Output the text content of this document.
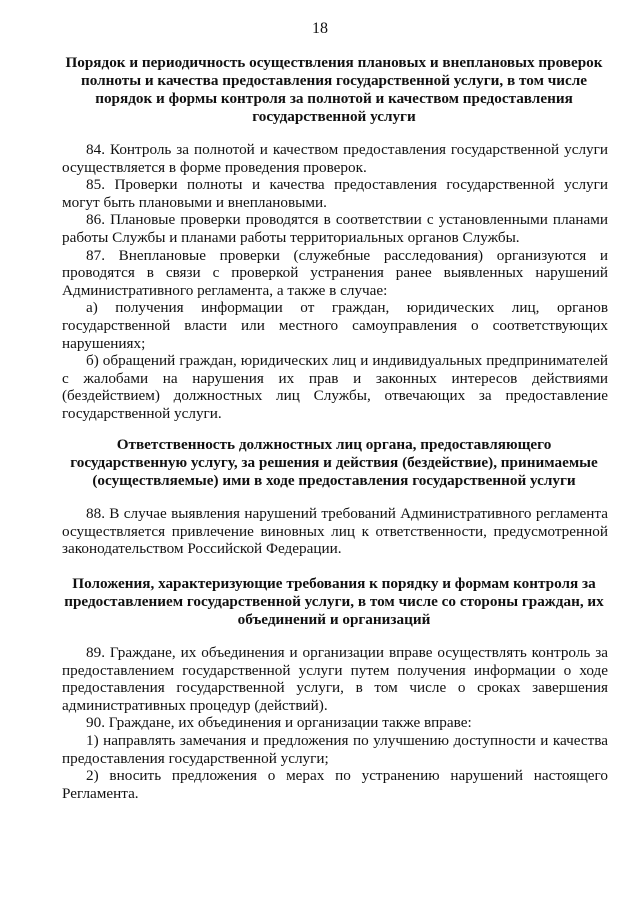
18
Порядок и периодичность осуществления плановых и внеплановых проверок полноты и качества предоставления государственной услуги, в том числе порядок и формы контроля за полнотой и качеством предоставления государственной услуги

84. Контроль за полнотой и качеством предоставления государственной услуги осуществляется в форме проведения проверок.

85. Проверки полноты и качества предоставления государственной услуги могут быть плановыми и внеплановыми.

86. Плановые проверки проводятся в соответствии с установленными планами работы Службы и планами работы территориальных органов Службы.

87. Внеплановые проверки (служебные расследования) организуются и проводятся в связи с проверкой устранения ранее выявленных нарушений Административного регламента, а также в случае:

а) получения информации от граждан, юридических лиц, органов государственной власти или местного самоуправления о соответствующих нарушениях;

б) обращений граждан, юридических лиц и индивидуальных предпринимателей с жалобами на нарушения их прав и законных интересов действиями (бездействием) должностных лиц Службы, отвечающих за предоставление государственной услуги.

Ответственность должностных лиц органа, предоставляющего государственную услугу, за решения и действия (бездействие), принимаемые (осуществляемые) ими в ходе предоставления государственной услуги

88. В случае выявления нарушений требований Административного регламента осуществляется привлечение виновных лиц к ответственности, предусмотренной законодательством Российской Федерации.

Положения, характеризующие требования к порядку и формам контроля за предоставлением государственной услуги, в том числе со стороны граждан, их объединений и организаций

89. Граждане, их объединения и организации вправе осуществлять контроль за предоставлением государственной услуги путем получения информации о ходе предоставления государственной услуги, в том числе о сроках завершения административных процедур (действий).

90. Граждане, их объединения и организации также вправе:

1) направлять замечания и предложения по улучшению доступности и качества предоставления государственной услуги;

2) вносить предложения о мерах по устранению нарушений настоящего Регламента.
